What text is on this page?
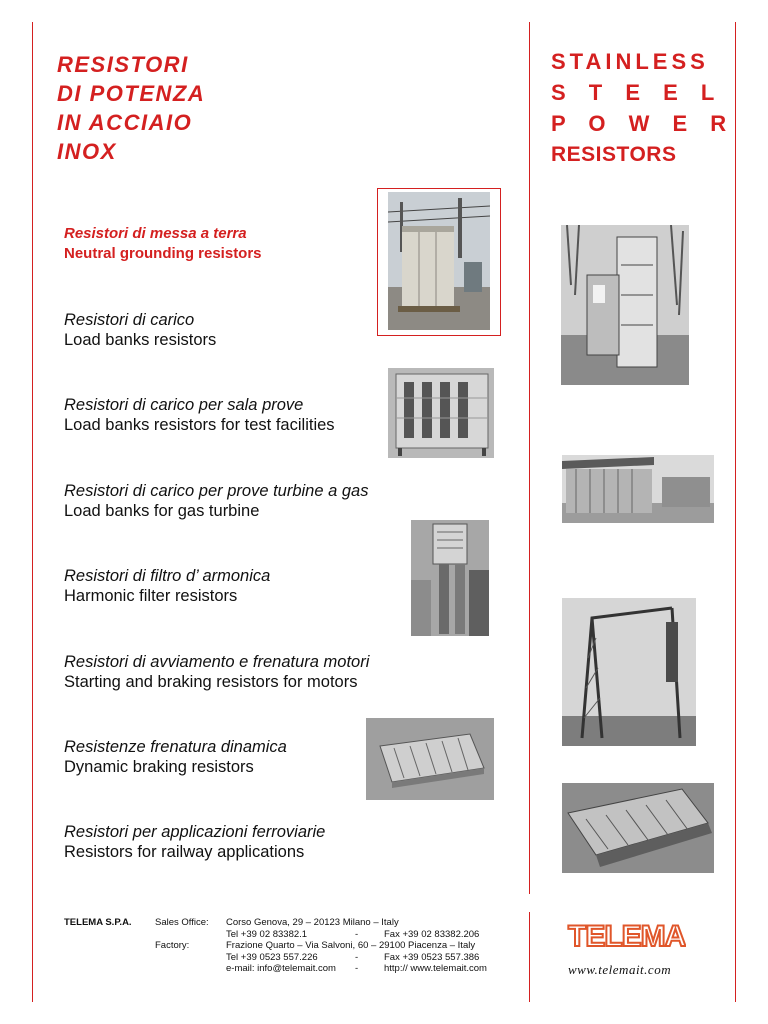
RESISTORI
DI POTENZA
IN ACCIAIO
INOX
STAINLESS
S T E E L
P O W E R
RESISTORS
Resistori di messa a terra
Neutral grounding resistors
Resistori di carico
Load banks resistors
Resistori di carico per sala prove
Load banks resistors for test facilities
Resistori di carico per prove turbine a gas
Load banks for gas turbine
Resistori di filtro d’ armonica
Harmonic filter resistors
Resistori di avviamento e frenatura motori
Starting and braking resistors for motors
Resistenze frenatura dinamica
Dynamic braking resistors
Resistori per applicazioni ferroviarie
Resistors for railway applications
TELEMA S.P.A. Sales Office: Corso Genova, 29 – 20123 Milano – Italy
Tel +39 02 83382.1	-	Fax +39 02 83382.206
Factory:	Frazione Quarto – Via Salvoni, 60 – 29100 Piacenza – Italy
Tel +39 0523 557.226	-	Fax +39 0523 557.386
e-mail: info@telemait.com -	http:// www.telemait.com
TELEMA
www.telemait.com
